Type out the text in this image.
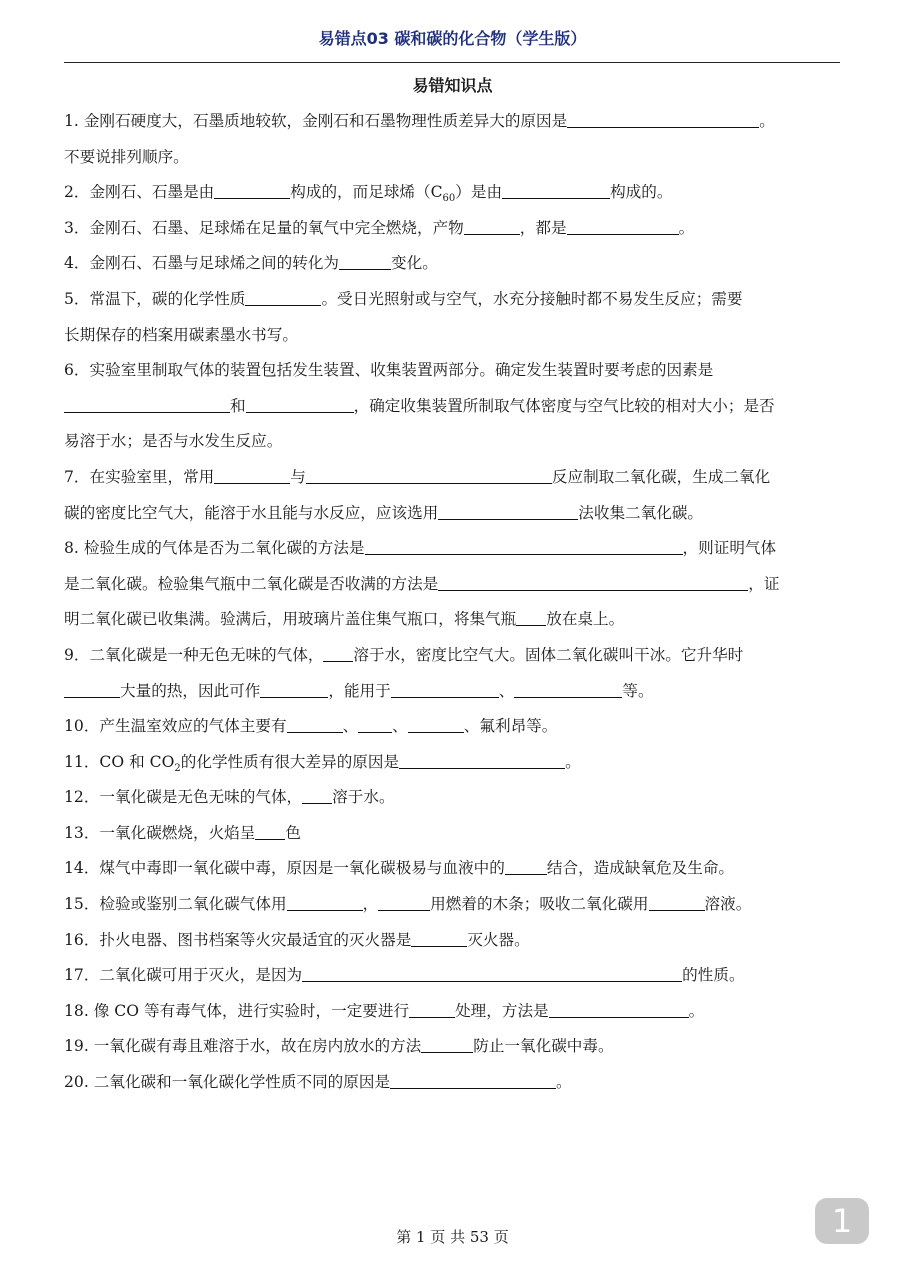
易错点03 碳和碳的化合物（学生版）
易错知识点

1. 金刚石硬度大，石墨质地较软，金刚石和石墨物理性质差异大的原因是	。

不要说排列顺序。

2．金刚石、石墨是由	构成的，而足球烯$(C_{60})$是由	构成的。

3．金刚石、石墨、足球烯在足量的氧气中完全燃烧，产物	，都是	。

4．金刚石、石墨与足球烯之间的转化为	变化。

5．常温下，碳的化学性质	。受日光照射或与空气，水充分接触时都不易发生反应；需要

长期保存的档案用碳素墨水书写。

6．实验室里制取气体的装置包括发生装置、收集装置两部分。确定发生装置时要考虑的因素是

和	，确定收集装置所制取气体密度与空气比较的相对大小；是否

易溶于水；是否与水发生反应。

7．在实验室里，常用	与	反应制取二氧化碳，生成二氧化

碳的密度比空气大，能溶于水且能与水反应，应该选用	法收集二氧化碳。

8. 检验生成的气体是否为二氧化碳的方法是	，则证明气体

是二氧化碳。检验集气瓶中二氧化碳是否收满的方法是	，证

明二氧化碳已收集满。验满后，用玻璃片盖住集气瓶口，将集气瓶 放在桌上。

9．二氧化碳是一种无色无味的气体， 溶于水，密度比空气大。固体二氧化碳叫干冰。它升华时

大量的热，因此可作	，能用于	、	等。

10．产生温室效应的气体主要有	、 、	、氟利昂等。

11．CO 和 $CO_2$的化学性质有很大差异的原因是	。

12．一氧化碳是无色无味的气体， 溶于水。

13．一氧化碳燃烧，火焰呈 色

14．煤气中毒即一氧化碳中毒，原因是一氧化碳极易与血液中的	结合，造成缺氧危及生命。

15．检验或鉴别二氧化碳气体用	，	用燃着的木条；吸收二氧化碳用	溶液。

16．扑火电器、图书档案等火灾最适宜的灭火器是	灭火器。

17．二氧化碳可用于灭火，是因为	的性质。

18. 像 CO 等有毒气体，进行实验时，一定要进行	处理，方法是	。

19. 一氧化碳有毒且难溶于水，故在房内放水的方法	防止一氧化碳中毒。

20. 二氧化碳和一氧化碳化学性质不同的原因是	。

第 1 页 共 53 页	1
